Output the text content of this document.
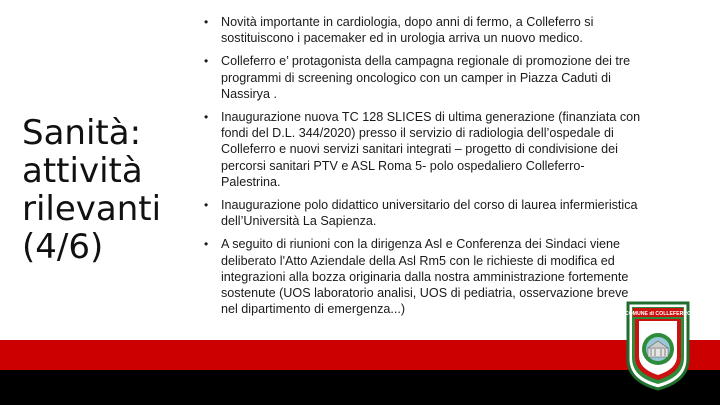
Sanità:
attività
rilevanti
(4/6)
• Novità importante in cardiologia, dopo anni di fermo, a Colleferro si sostituiscono i pacemaker ed in urologia arriva un nuovo medico.
• Colleferro e’ protagonista della campagna regionale di promozione dei tre programmi di screening oncologico con un camper in Piazza Caduti di Nassirya .
• Inaugurazione nuova TC 128 SLICES di ultima generazione (finanziata con fondi del D.L. 344/2020) presso il servizio di radiologia dell’ospedale di Colleferro e nuovi servizi sanitari integrati – progetto di condivisione dei percorsi sanitari PTV e ASL Roma 5- polo ospedaliero Colleferro-Palestrina.
• Inaugurazione polo didattico universitario del corso di laurea infermieristica dell’Università La Sapienza.
• A seguito di riunioni con la dirigenza Asl e Conferenza dei Sindaci viene deliberato l'Atto Aziendale della Asl Rm5 con le richieste di modifica ed integrazioni alla bozza originaria dalla nostra amministrazione fortemente sostenute (UOS laboratorio analisi, UOS di pediatria, osservazione breve nel dipartimento di emergenza...)	COMUNE di COLLEFERRO
